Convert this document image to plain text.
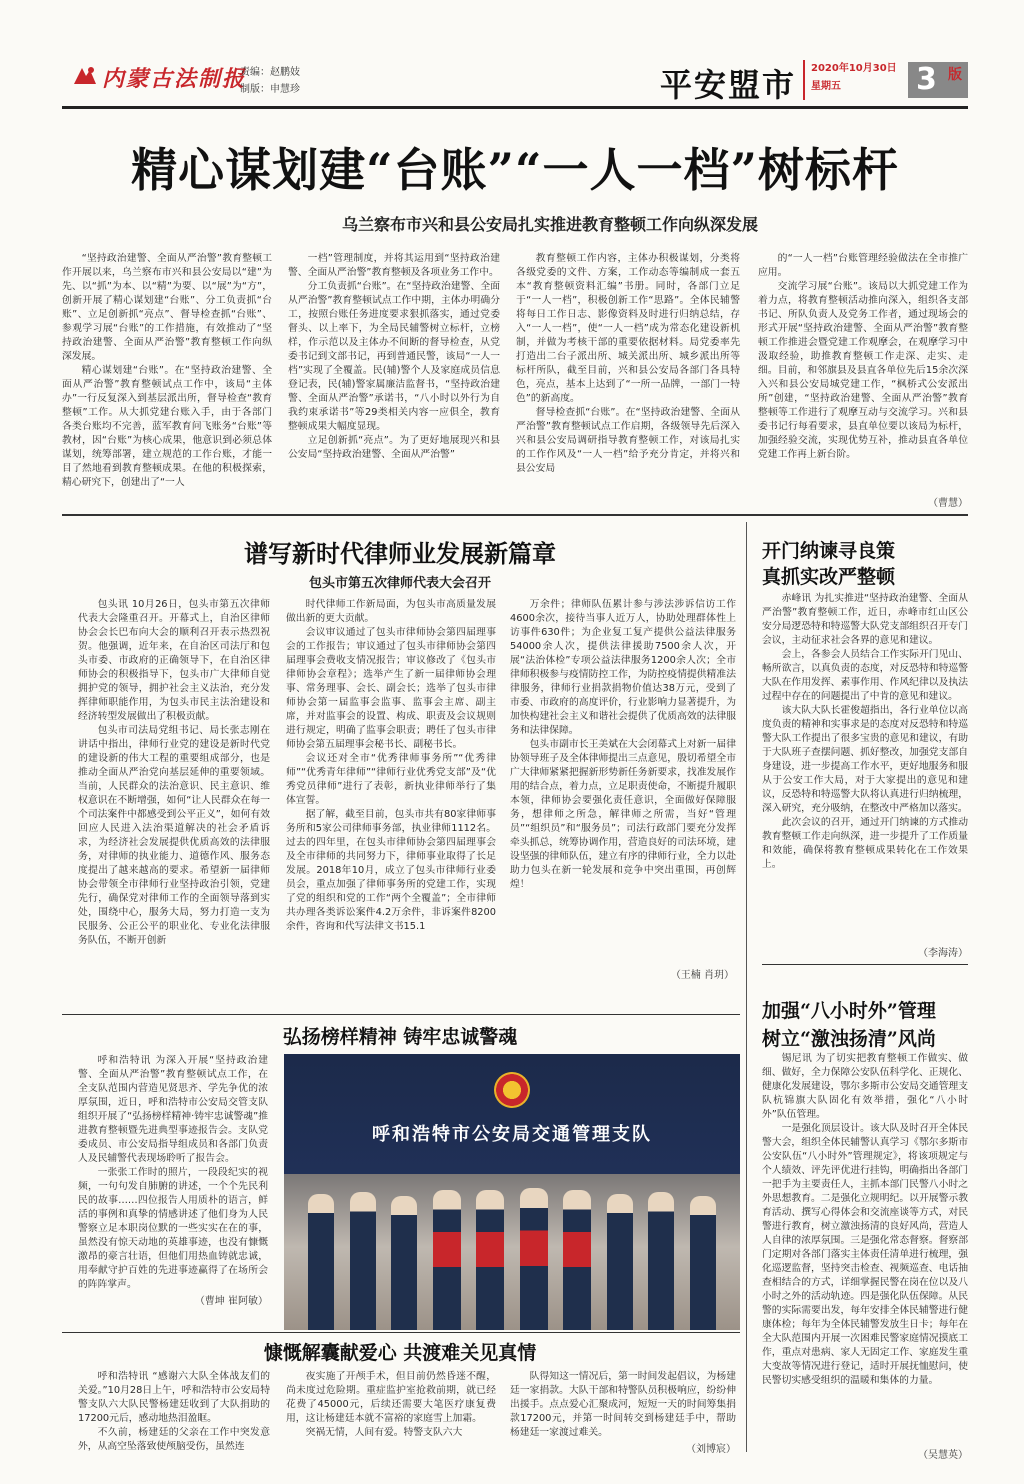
内蒙古法制报
责编：赵鹏妓
制版：申慧珍	平安盟市 2020年10月30日
星期五	3 版
精心谋划建“台账”“一人一档”树标杆
乌兰察布市兴和县公安局扎实推进教育整顿工作向纵深发展

“坚持政治建警、全面从严治警”教育整顿工作开展以来，乌兰察布市兴和县公安局以“建”为先、以“抓”为本、以“精”为要、以“展”为“方”，创新开展了精心谋划建“台账”、分工负责抓“台账”、立足创新抓“亮点”、督导检查抓“台账”、参观学习展“台账”的工作措施，有效推动了“坚持政治建警、全面从严治警”教育整顿工作向纵深发展。

精心谋划建“台账”。在“坚持政治建警、全面从严治警”教育整顿试点工作中，该局“主体办”一行反复深入到基层派出所，督导检查“教育整顿”工作。从大抓党建台账入手，由于各部门各类台账均不完善，蓝军教育问飞账务“台账”等教材，因“台账”为核心成果，他意识到必须总体谋划，统筹部署，建立规范的工作台账，才能一目了然地看到教育整顿成果。在他的积极探索，精心研究下，创建出了“一人

一档”管理制度，并将其运用到“坚持政治建警、全面从严治警”教育整顿及各项业务工作中。

分工负责抓“台账”。在“坚持政治建警、全面从严治警”教育整顿试点工作中期，主体办明确分工，按照台账任务进度要求狠抓落实，通过党委督头、以上率下，为全局民辅警树立标杆，立榜样，作示范以及主体办不间断的督导检查，从党委书记到文部书记，再到普通民警，该局“一人一档”实现了全覆盖。民(辅)警个人及家庭成员信息登记表，民(辅)警家属廉洁监督书，“坚持政治建警、全面从严治警”承诺书，“八小时以外行为自我约束承诺书”等29类相关内容一应俱全，教育整顿成果大幅度显现。

立足创新抓“亮点”。为了更好地展现兴和县公安局“坚持政治建警、全面从严治警”

教育整顿工作内容，主体办积极谋划，分类将各级党委的文件、方案，工作动态等编制成一套五本“教育整顿资料汇编”书册。同时，各部门立足于“一人一档”，积极创新工作“思路”。全体民辅警将每日工作日志、影像资料及时进行归纳总结，存入“一人一档”，使“一人一档”成为常态化建设新机制，并做为考核干部的重要依据材料。局党委率先打造出二台子派出所、城关派出所、城乡派出所等标杆所队，截至目前，兴和县公安局各部门各具特色，亮点，基本上达到了“一所一品牌，一部门一特色”的新高度。

督导检查抓“台账”。在“坚持政治建警、全面从严治警”教育整顿试点工作启期，各级领导先后深入兴和县公安局调研指导教育整顿工作，对该局扎实的工作作风及“一人一档”给予充分肯定，并将兴和县公安局

的“一人一档”台账管理经验做法在全市推广应用。

交流学习展“台账”。该局以大抓党建工作为着力点，将教育整顿活动推向深入，组织各支部书记、所队负责人及党务工作者，通过现场会的形式开展“坚持政治建警、全面从严治警”教育整顿工作推进会暨党建工作观摩会，在观摩学习中汲取经验，助推教育整顿工作走深、走实、走细。目前，和邻旗县及县直各单位先后15余次深入兴和县公安局城党建工作，“枫桥式公安派出所”创建，“坚持政治建警、全面从严治警”教育整顿等工作进行了观摩互动与交流学习。兴和县委书记行每看要求，县直单位要以该局为标杆，加强经验交流，实现优势互补，推动县直各单位党建工作再上新台阶。

（曹慧）
谱写新时代律师业发展新篇章
包头市第五次律师代表大会召开

包头讯 10月26日，包头市第五次律师代表大会隆重召开。开幕式上，自治区律师协会会长巴布向大会的顺利召开表示热烈祝贺。他强调，近年来，在自治区司法厅和包头市委、市政府的正确领导下，在自治区律师协会的积极指导下，包头市广大律师自觉拥护党的领导，拥护社会主义法治，充分发挥律师职能作用，为包头市民主法治建设和经济转型发展做出了积极贡献。

包头市司法局党组书记、局长张志刚在讲话中指出，律师行业党的建设是新时代党的建设新的伟大工程的重要组成部分，也是推动全面从严治党向基层延伸的重要领域。当前，人民群众的法治意识、民主意识、维权意识在不断增强，如何“让人民群众在每一个司法案件中都感受到公平正义”，如何有效回应人民进入法治渠道解决的社会矛盾诉求，为经济社会发展提供优质高效的法律服务，对律师的执业能力、道德作风、服务态度提出了越来越高的要求。希望新一届律师协会带领全市律师行业坚持政治引领，党建先行，确保党对律师工作的全面领导落到实处，围绕中心，服务大局，努力打造一支为民服务、公正公平的职业化、专业化法律服务队伍，不断开创新

时代律师工作新局面，为包头市高质量发展做出新的更大贡献。

会议审议通过了包头市律师协会第四届理事会的工作报告；审议通过了包头市律师协会第四届理事会费收支情况报告；审议修改了《包头市律师协会章程》；选举产生了新一届律师协会理事、常务理事、会长、副会长；选举了包头市律师协会第一届监事会监事、监事会主席、副主席，并对监事会的设置、构成、职责及会议规则进行规定，明确了监事会职责；聘任了包头市律师协会第五届理事会秘书长、副秘书长。

会议还对全市“优秀律师事务所”“优秀律师”“优秀青年律师”“律师行业优秀党支部”及“优秀党员律师”进行了表彰，新执业律师举行了集体宣誓。

据了解，截至目前，包头市共有80家律师事务所和5家公司律师事务部，执业律师1112名。过去的四年里，在包头市律师协会第四届理事会及全市律师的共同努力下，律师事业取得了长足发展。2018年10月，成立了包头市律师行业委员会，重点加强了律师事务所的党建工作，实现了党的组织和党的工作“两个全覆盖”；全市律师共办理各类诉讼案件4.2万余件，非诉案件8200余件，咨询和代写法律文书15.1

万余件；律师队伍累计参与涉法涉诉信访工作4600余次，接待当事人近万人，协助处理群体性上访事件630件；为企业复工复产提供公益法律服务54000余人次，提供法律援助7500余人次，开展“法治体检”专项公益法律服务1200余人次；全市律师积极参与疫情防控工作，为防控疫情提供精准法律服务，律师行业捐款捐物价值达38万元，受到了市委、市政府的高度评价，行业影响力显著提升，为加快构建社会主义和谐社会提供了优质高效的法律服务和法律保障。

包头市副市长王美斌在大会闭幕式上对新一届律协领导班子及全体律师提出三点意见，殷切希望全市广大律师紧紧把握新形势新任务新要求，找准发展作用的结合点，着力点，立足职责使命，不断提升履职本领，律师协会要强化责任意识，全面做好保障服务，想律师之所急，解律师之所需，当好“管理员”“组织员”和“服务员”；司法行政部门要充分发挥牵头抓总，统筹协调作用，营造良好的司法环境，建设坚强的律师队伍，建立有序的律师行业，全力以赴助力包头在新一轮发展和竞争中突出重围，再创辉煌！

（王楠 肖玥）
弘扬榜样精神 铸牢忠诚警魂

呼和浩特讯 为深入开展“坚持政治建警、全面从严治警”教育整顿试点工作，在全支队范围内营造见贤思齐、学先争优的浓厚氛围，近日，呼和浩特市公安局交管支队组织开展了“弘扬榜样精神·铸牢忠诚警魂”推进教育整顿暨先进典型事迹报告会。支队党委成员、市公安局指导组成员和各部门负责人及民辅警代表现场聆听了报告会。

一张张工作时的照片，一段段纪实的视频，一句句发自肺腑的讲述，一个个先民利民的故事……四位报告人用质朴的语言，鲜活的事例和真挚的情感讲述了他们身为人民警察立足本职岗位默的一些实实在在的事，虽然没有惊天动地的英雄事迹，也没有慷慨激昂的豪言壮语，但他们用热血铸就忠诚，用奉献守护百姓的先进事迹赢得了在场所会的阵阵掌声。

（曹坤 崔阿敏）
呼和浩特市公安局交通管理支队
慷慨解囊献爱心 共渡难关见真情

呼和浩特讯 “感谢六大队全体战友们的关爱。”10月28日上午，呼和浩特市公安局特警支队六大队民警杨建廷收到了大队捐助的17200元后，感动地热泪盈眶。

不久前，杨建廷的父亲在工作中突发意外，从高空坠落致使颅脑受伤，虽然连

夜实施了开颅手术，但目前仍然昏迷不醒，尚未度过危险期。重症监护室抢救前期，就已经花费了45000元，后续还需要大笔医疗康复费用，这让杨建廷本就不富裕的家庭雪上加霜。

突祸无情，人间有爱。特警支队六大

队得知这一情况后，第一时间发起倡议，为杨建廷一家捐款。大队干部和特警队员积极响应，纷纷伸出援手。点点爱心汇聚成河，短短一天的时间筹集捐款17200元，并第一时间转交到杨建廷手中，帮助杨建廷一家渡过难关。

（刘博宸）
开门纳谏寻良策
真抓实改严整顿

赤峰讯 为扎实推进“坚持政治建警、全面从严治警”教育整顿工作，近日，赤峰市红山区公安分局逻恐特和特巡警大队党支部组织召开专门会议，主动征求社会各界的意见和建议。

会上，各参会人员结合工作实际开门见山、畅所欲言，以真负责的态度，对反恐特和特巡警大队在作用发挥、素事作用、作风纪律以及执法过程中存在的问题提出了中肯的意见和建议。

该大队大队长霍俊超指出，各行业单位以高度负责的精神和实事求是的态度对反恐特和特巡警大队工作提出了很多宝贵的意见和建议，有助于大队班子查摆问题、抓好整改，加强党支部自身建设，进一步提高工作水平，更好地服务和服从于公安工作大局，对于大家提出的意见和建议，反恐特和特巡警大队将认真进行归纳梳理，深入研究，充分吸纳，在整改中严格加以落实。

此次会议的召开，通过开门纳谏的方式推动教育整顿工作走向纵深，进一步提升了工作质量和效能，确保将教育整顿成果转化在工作效果上。

（李海涛）
加强“八小时外”管理
树立“激浊扬清”风尚

锡尼讯 为了切实把教育整顿工作做实、做细、做好，全力保障公安队伍科学化、正规化、健康化发展建设，鄂尔多斯市公安局交通管理支队杭锦旗大队固化有效举措，强化“八小时外”队伍管理。

一是强化顶层设计。该大队及时召开全体民警大会，组织全体民辅警认真学习《鄂尔多斯市公安队伍“八小时外”管理规定》，将该项规定与个人绩效、评先评优进行挂钩，明确指出各部门一把手为主要责任人，主抓本部门民警八小时之外思想教育。二是强化立规明纪。以开展警示教育活动、撰写心得体会和交流座谈等方式，对民警进行教育，树立激浊扬清的良好风尚，营造人人自律的浓厚氛围。三是强化常态督察。督察部门定期对各部门落实主体责任清单进行梳理，强化巡逻监督，坚持突击检查、视频巡查、电话抽查相结合的方式，详细掌握民警在岗在位以及八小时之外的活动轨迹。四是强化队伍保障。从民警的实际需要出发，每年安排全体民辅警进行健康体检；每年为全体民辅警发放生日卡；每年在全大队范围内开展一次困难民警家庭情况摸底工作，重点对患病、家人无固定工作、家庭发生重大变故等情况进行登记，适时开展抚恤慰问，使民警切实感受组织的温暖和集体的力量。

（吴慧英）
